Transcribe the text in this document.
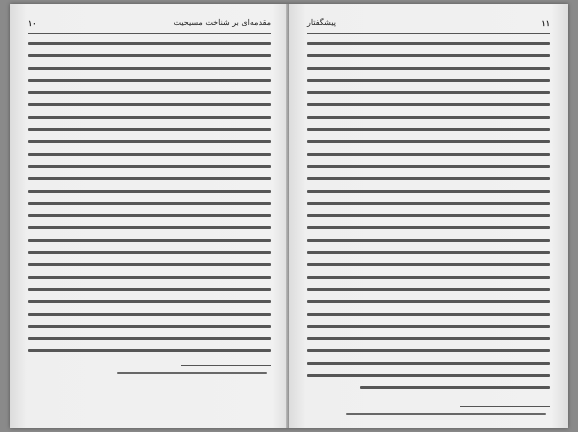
مقدمه‌ای بر شناخت مسیحیت
١٠	پیشگفتار	١١
